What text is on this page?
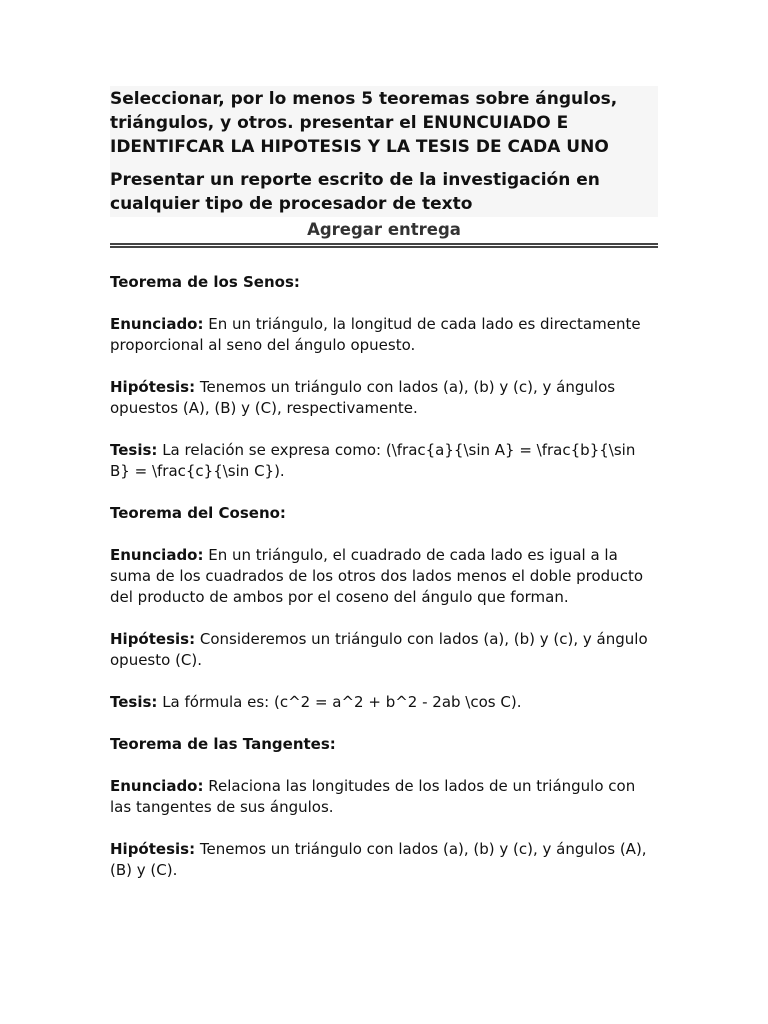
Seleccionar, por lo menos 5 teoremas sobre ángulos, triángulos, y otros. presentar el ENUNCUIADO E IDENTIFCAR LA HIPOTESIS Y LA TESIS DE CADA UNO

Presentar un reporte escrito de la investigación en cualquier tipo de procesador de texto

Agregar entrega

Teorema de los Senos:

Enunciado: En un triángulo, la longitud de cada lado es directamente proporcional al seno del ángulo opuesto.

Hipótesis: Tenemos un triángulo con lados (a), (b) y (c), y ángulos opuestos (A), (B) y (C), respectivamente.

Tesis: La relación se expresa como: (\frac{a}{\sin A} = \frac{b}{\sin B} = \frac{c}{\sin C}).

Teorema del Coseno:

Enunciado: En un triángulo, el cuadrado de cada lado es igual a la suma de los cuadrados de los otros dos lados menos el doble producto del producto de ambos por el coseno del ángulo que forman.

Hipótesis: Consideremos un triángulo con lados (a), (b) y (c), y ángulo opuesto (C).

Tesis: La fórmula es: (c^2 = a^2 + b^2 - 2ab \cos C).

Teorema de las Tangentes:

Enunciado: Relaciona las longitudes de los lados de un triángulo con las tangentes de sus ángulos.

Hipótesis: Tenemos un triángulo con lados (a), (b) y (c), y ángulos (A), (B) y (C).
